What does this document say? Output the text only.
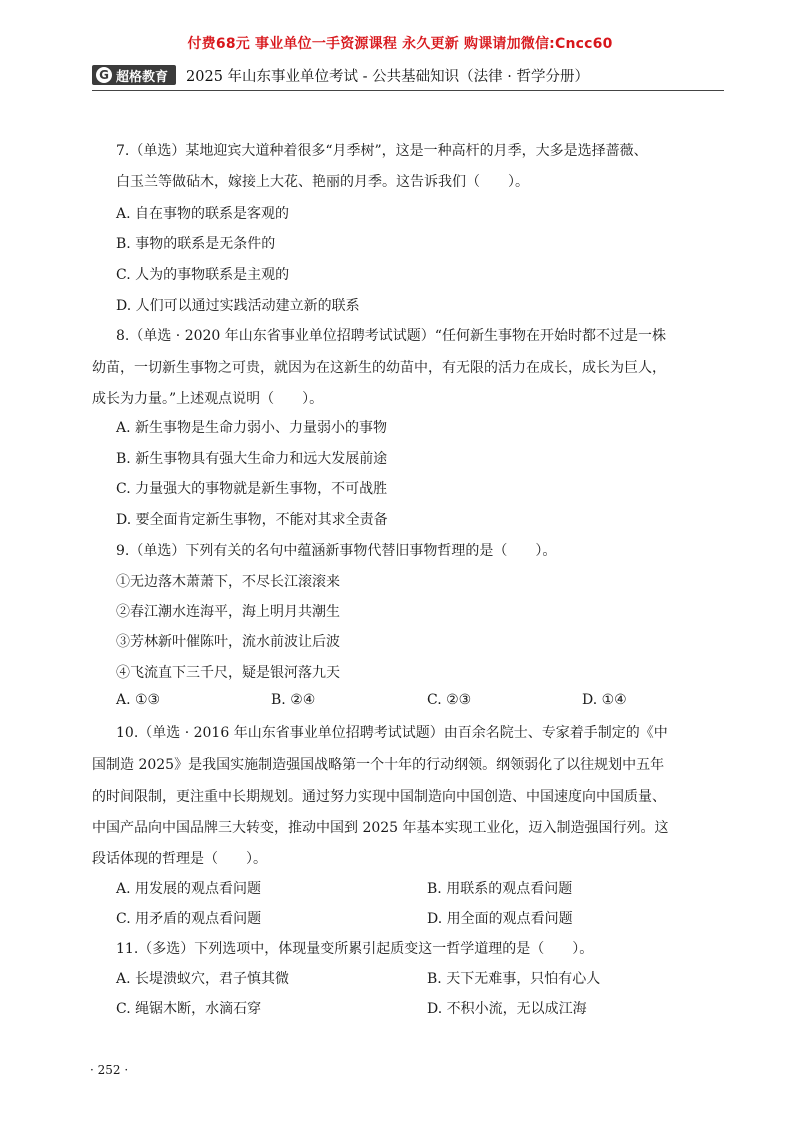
付费68元 事业单位一手资源课程 永久更新 购课请加微信:Cncc60
G 超格教育 2025 年山东事业单位考试 - 公共基础知识（法律 · 哲学分册）
7.（单选）某地迎宾大道种着很多“月季树”，这是一种高杆的月季，大多是选择蔷薇、
白玉兰等做砧木，嫁接上大花、艳丽的月季。这告诉我们（　　）。
A. 自在事物的联系是客观的
B. 事物的联系是无条件的
C. 人为的事物联系是主观的
D. 人们可以通过实践活动建立新的联系
8.（单选 · 2020 年山东省事业单位招聘考试试题）“任何新生事物在开始时都不过是一株
幼苗，一切新生事物之可贵，就因为在这新生的幼苗中，有无限的活力在成长，成长为巨人，
成长为力量。”上述观点说明（　　）。
A. 新生事物是生命力弱小、力量弱小的事物
B. 新生事物具有强大生命力和远大发展前途
C. 力量强大的事物就是新生事物，不可战胜
D. 要全面肯定新生事物，不能对其求全责备
9.（单选）下列有关的名句中蕴涵新事物代替旧事物哲理的是（　　）。
①无边落木萧萧下，不尽长江滚滚来
②春江潮水连海平，海上明月共潮生
③芳林新叶催陈叶，流水前波让后波
④飞流直下三千尺，疑是银河落九天
A. ①③	B. ②④	C. ②③	D. ①④
10.（单选 · 2016 年山东省事业单位招聘考试试题）由百余名院士、专家着手制定的《中
国制造 2025》是我国实施制造强国战略第一个十年的行动纲领。纲领弱化了以往规划中五年
的时间限制，更注重中长期规划。通过努力实现中国制造向中国创造、中国速度向中国质量、
中国产品向中国品牌三大转变，推动中国到 2025 年基本实现工业化，迈入制造强国行列。这
段话体现的哲理是（　　）。
A. 用发展的观点看问题	B. 用联系的观点看问题
C. 用矛盾的观点看问题	D. 用全面的观点看问题
11.（多选）下列选项中，体现量变所累引起质变这一哲学道理的是（　　）。
A. 长堤溃蚁穴，君子慎其微	B. 天下无难事，只怕有心人
C. 绳锯木断，水滴石穿	D. 不积小流，无以成江海
· 252 ·
